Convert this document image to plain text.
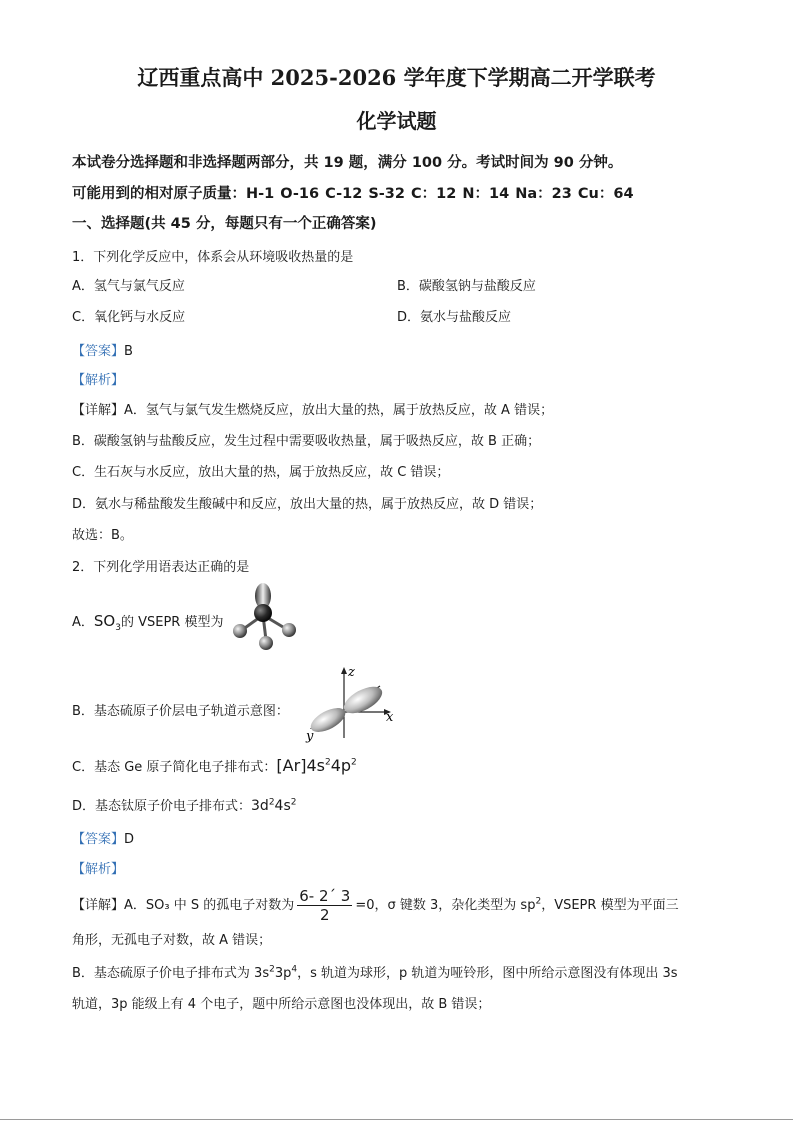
辽西重点高中 2025-2026 学年度下学期高二开学联考
化学试题
本试卷分选择题和非选择题两部分，共 19 题，满分 100 分。考试时间为 90 分钟。
可能用到的相对原子质量：H-1 O-16 C-12 S-32 C：12 N：14 Na：23 Cu：64
一、选择题(共 45 分，每题只有一个正确答案)
1．下列化学反应中，体系会从环境吸收热量的是
A．氢气与氯气反应	B．碳酸氢钠与盐酸反应
C．氧化钙与水反应	D．氨水与盐酸反应
【答案】B
【解析】
【详解】A．氢气与氯气发生燃烧反应，放出大量的热，属于放热反应，故 A 错误；
B．碳酸氢钠与盐酸反应，发生过程中需要吸收热量，属于吸热反应，故 B 正确；
C．生石灰与水反应，放出大量的热，属于放热反应，故 C 错误；
D．氨水与稀盐酸发生酸碱中和反应，放出大量的热，属于放热反应，故 D 错误；
故选：B。
2．下列化学用语表达正确的是
A．$SO_3$的 VSEPR 模型为
B．基态硫原子价层电子轨道示意图：
z
x
y
C．基态 Ge 原子简化电子排布式：$[Ar]4s^24p^2$
D．基态钛原子价电子排布式：$3d^24s^2$
【答案】D
【解析】
【详解】A．SO₃ 中 S 的孤电子对数为 $\frac{6- 2´ 3}{2} =0$，σ 键数 3，杂化类型为 $sp^2$，VSEPR 模型为平面三
角形，无孤电子对数，故 A 错误；
B．基态硫原子价电子排布式为 $3s^23p^4$，s 轨道为球形，p 轨道为哑铃形，图中所给示意图没有体现出 3s
轨道，3p 能级上有 4 个电子，题中所给示意图也没体现出，故 B 错误；
